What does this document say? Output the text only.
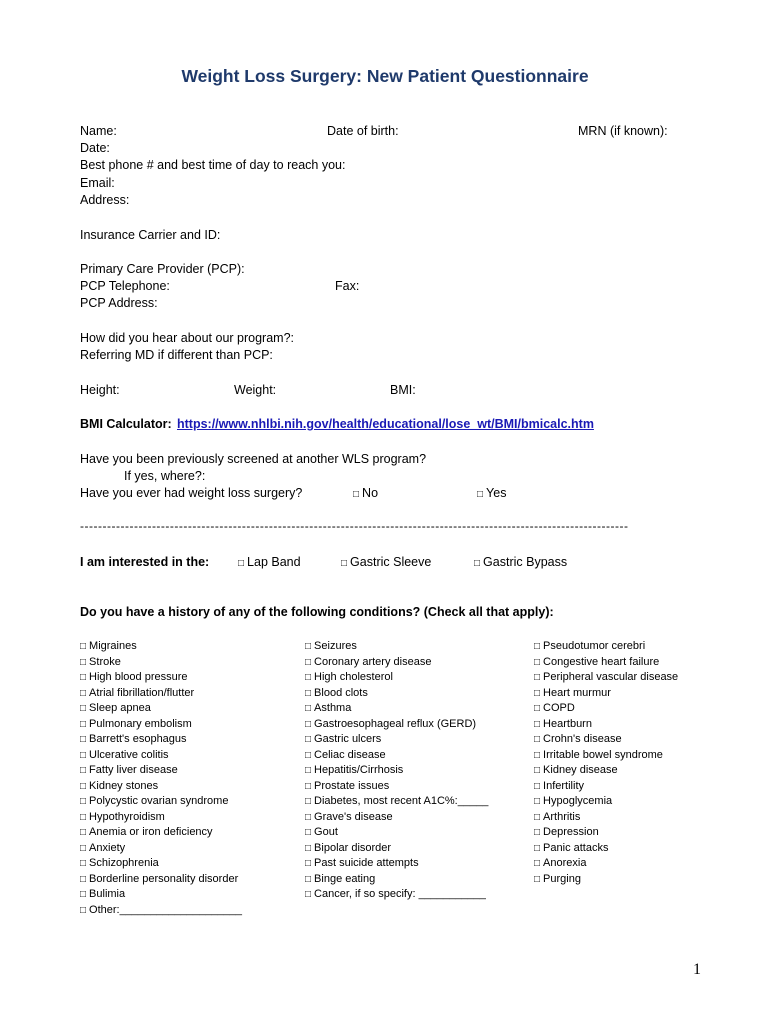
Weight Loss Surgery: New Patient Questionnaire
Name:	Date of birth:	MRN (if known):
Date:
Best phone # and best time of day to reach you:
Email:
Address:
Insurance Carrier and ID:
Primary Care Provider (PCP):
PCP Telephone:	Fax:
PCP Address:
How did you hear about our program?:
Referring MD if different than PCP:
Height:	Weight:	BMI:
BMI Calculator: https://www.nhlbi.nih.gov/health/educational/lose_wt/BMI/bmicalc.htm
Have you been previously screened at another WLS program?
If yes, where?:
Have you ever had weight loss surgery?	□ No	□ Yes
--------------------------------------------------------------------------------------------------------------------------
I am interested in the:	□ Lap Band	□ Gastric Sleeve	□ Gastric Bypass
Do you have a history of any of the following conditions? (Check all that apply):
□ Migraines
□ Stroke
□ High blood pressure
□ Atrial fibrillation/flutter
□ Sleep apnea
□ Pulmonary embolism
□ Barrett's esophagus
□ Ulcerative colitis
□ Fatty liver disease
□ Kidney stones
□ Polycystic ovarian syndrome
□ Hypothyroidism
□ Anemia or iron deficiency
□ Anxiety
□ Schizophrenia
□ Borderline personality disorder
□ Bulimia
□ Other:____________________
□ Seizures
□ Coronary artery disease
□ High cholesterol
□ Blood clots
□ Asthma
□ Gastroesophageal reflux (GERD)
□ Gastric ulcers
□ Celiac disease
□ Hepatitis/Cirrhosis
□ Prostate issues
□ Diabetes, most recent A1C%:_____
□ Grave's disease
□ Gout
□ Bipolar disorder
□ Past suicide attempts
□ Binge eating
□ Cancer, if so specify: ___________
□ Pseudotumor cerebri
□ Congestive heart failure
□ Peripheral vascular disease
□ Heart murmur
□ COPD
□ Heartburn
□ Crohn's disease
□ Irritable bowel syndrome
□ Kidney disease
□ Infertility
□ Hypoglycemia
□ Arthritis
□ Depression
□ Panic attacks
□ Anorexia
□ Purging
1
